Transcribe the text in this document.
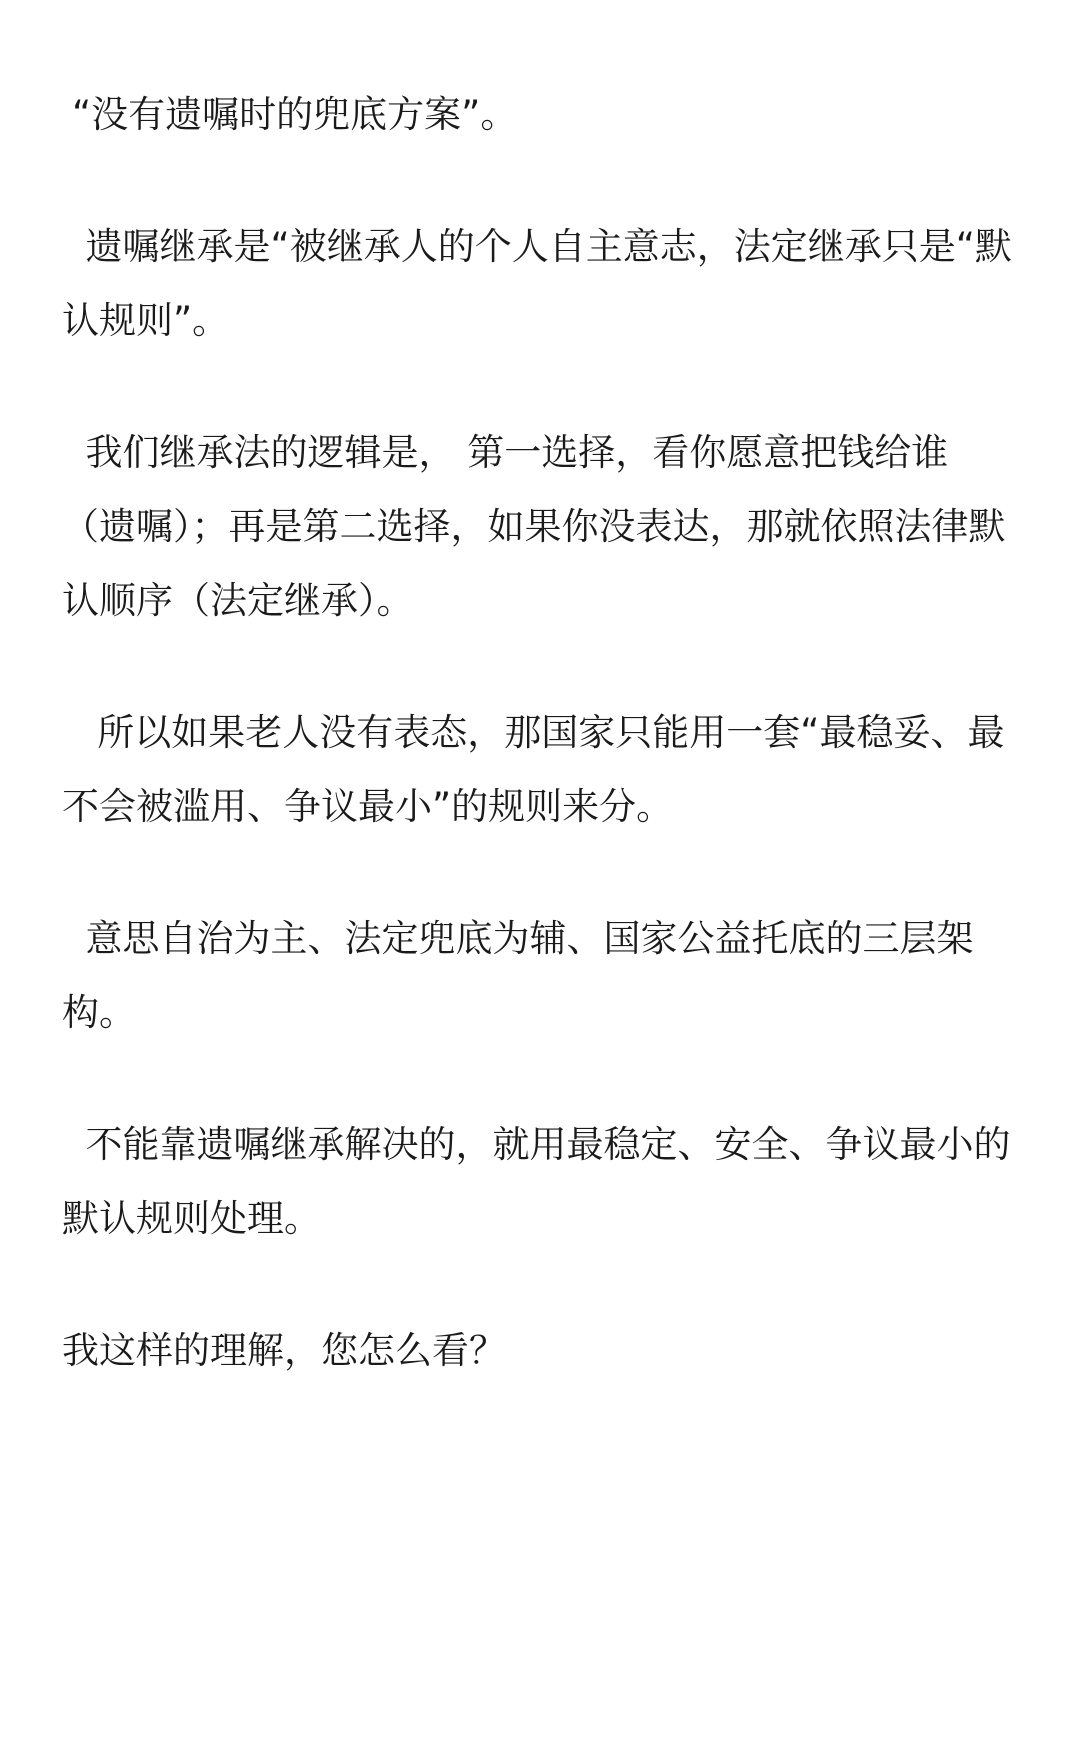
“没有遗嘱时的兜底方案”。

遗嘱继承是“被继承人的个人自主意志，法定继承只是“默认规则”。

我们继承法的逻辑是， 第一选择，看你愿意把钱给谁（遗嘱）；再是第二选择，如果你没表达，那就依照法律默认顺序（法定继承）。

所以如果老人没有表态，那国家只能用一套“最稳妥、最不会被滥用、争议最小”的规则来分。

意思自治为主、法定兜底为辅、国家公益托底的三层架构。

不能靠遗嘱继承解决的，就用最稳定、安全、争议最小的默认规则处理。

我这样的理解，您怎么看？
